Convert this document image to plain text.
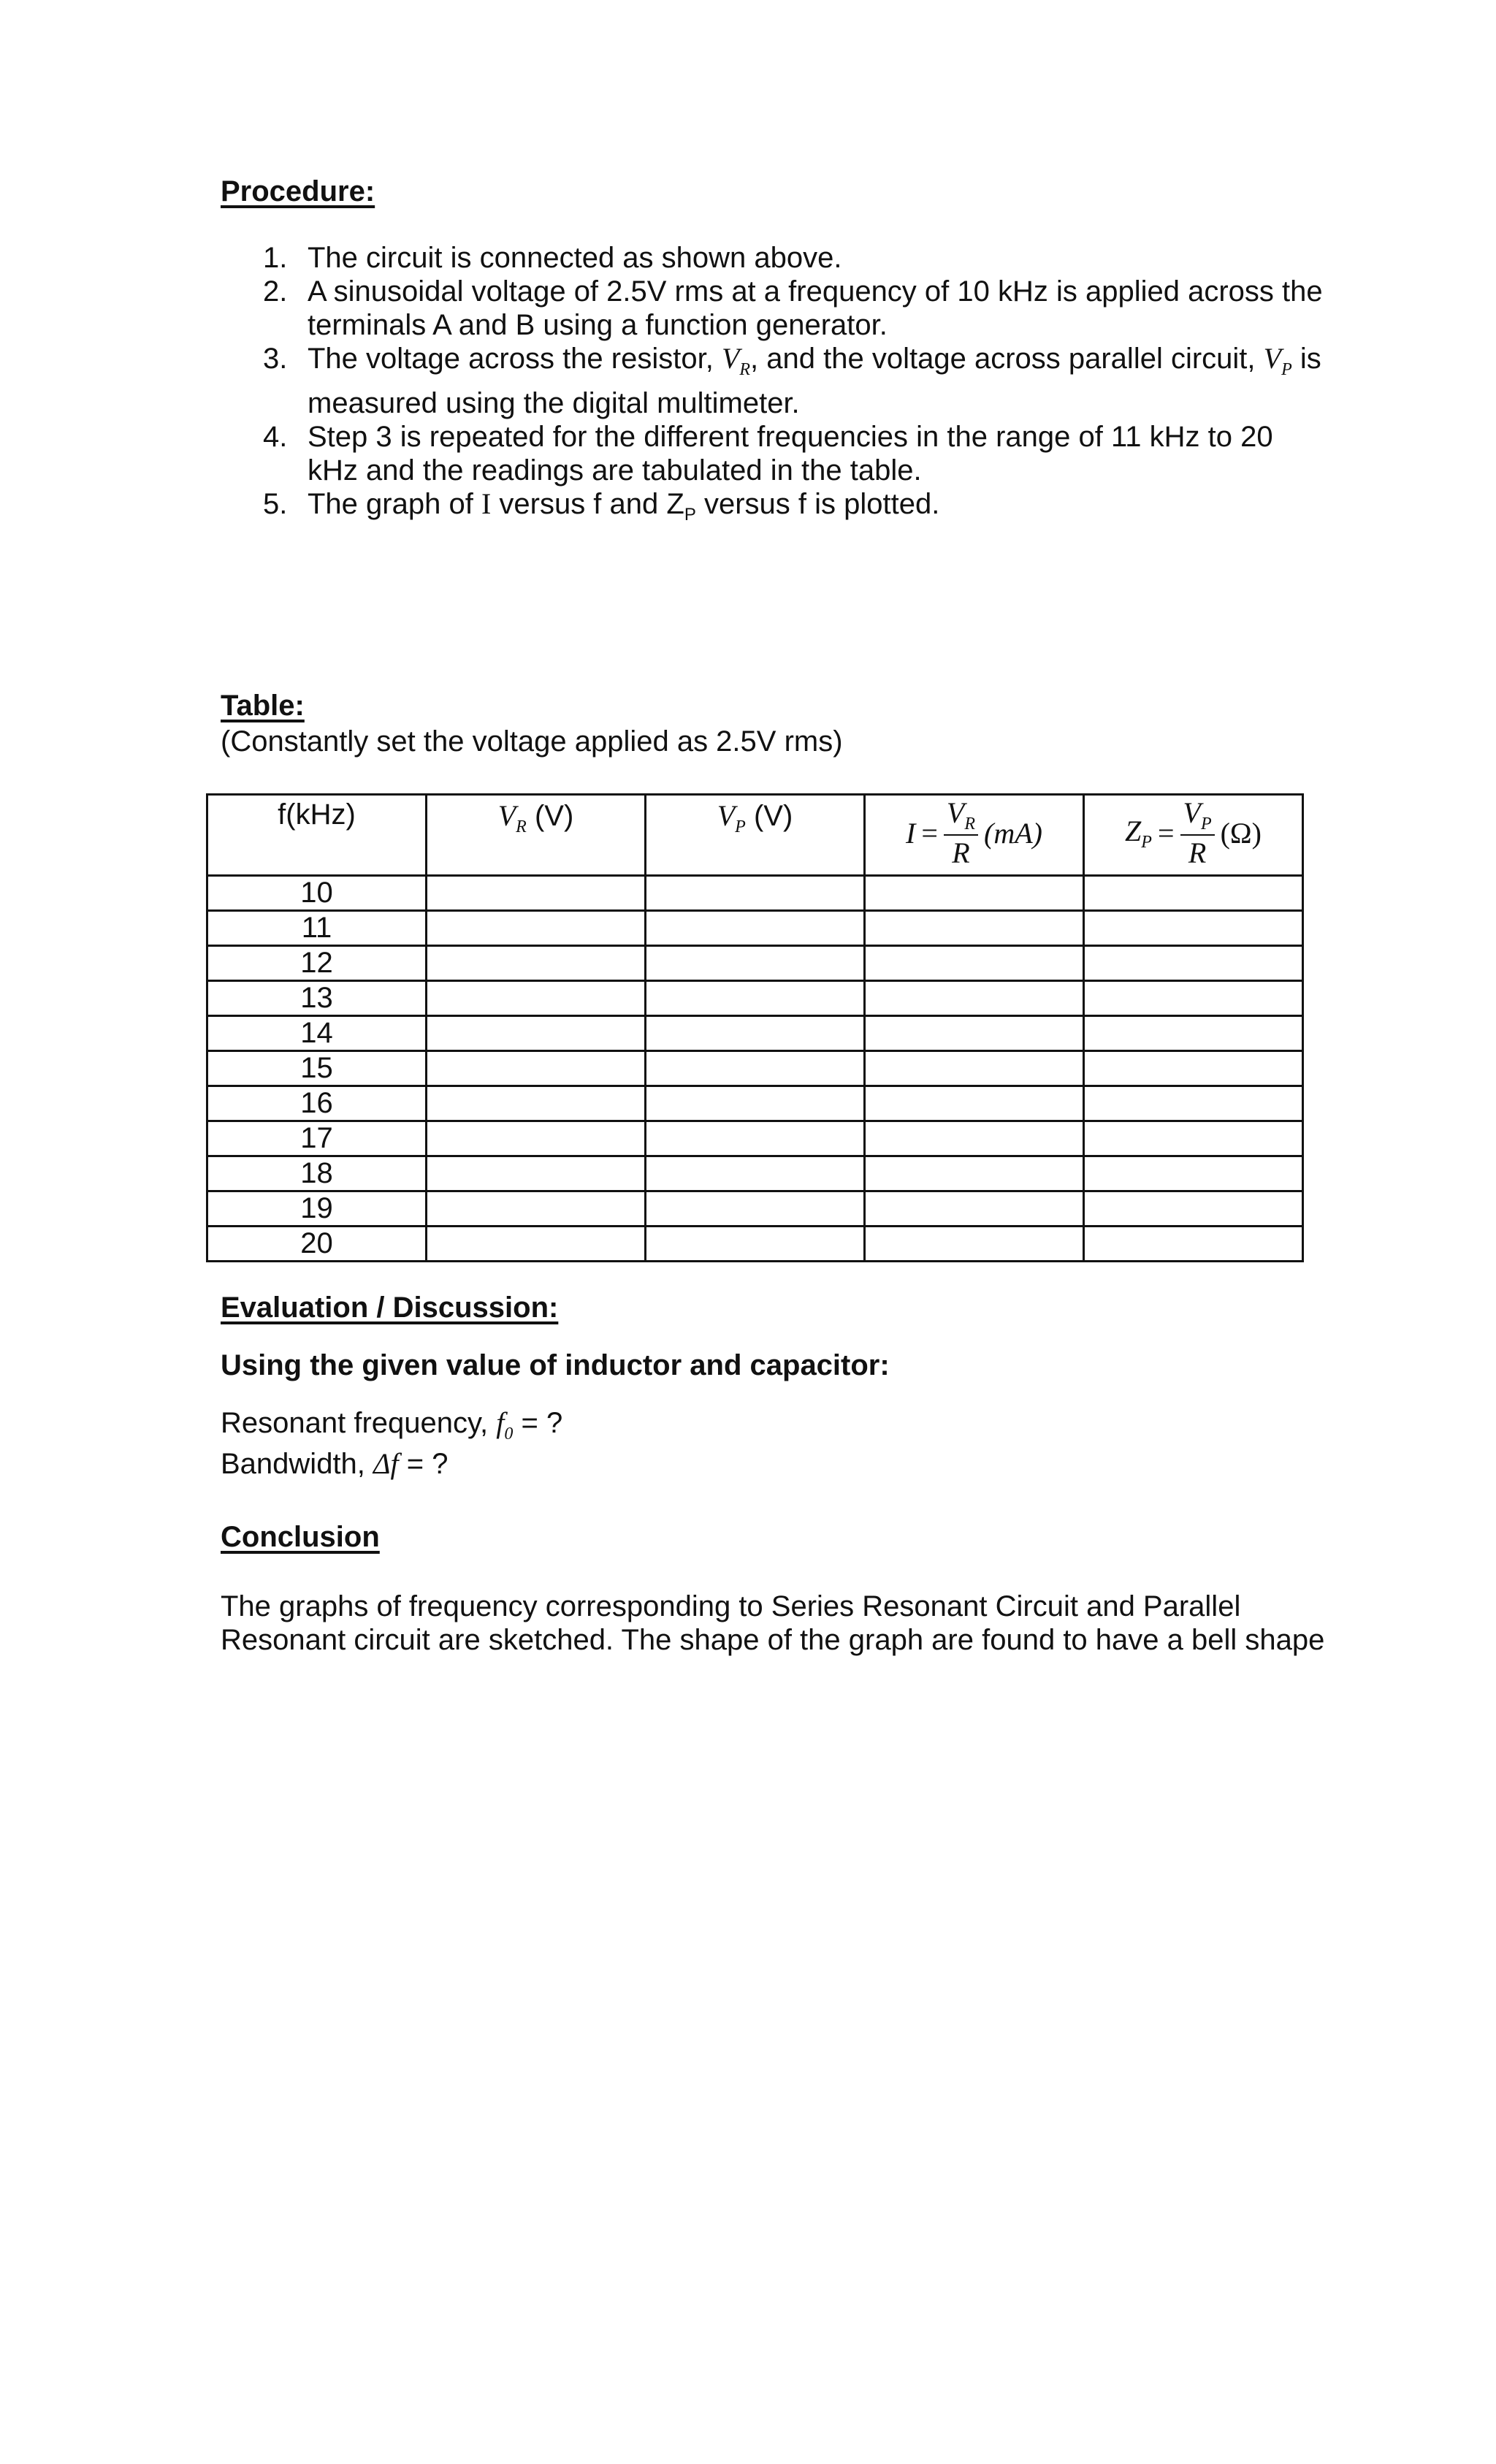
Procedure:
1. The circuit is connected as shown above.
2. A sinusoidal voltage of 2.5V rms at a frequency of 10 kHz is applied across the terminals A and B using a function generator.
3. The voltage across the resistor, $V_R$, and the voltage across parallel circuit, $V_P$ is measured using the digital multimeter.
4. Step 3 is repeated for the different frequencies in the range of 11 kHz to 20 kHz and the readings are tabulated in the table.
5. The graph of I versus f and $Z_P$ versus f is plotted.
Table:
(Constantly set the voltage applied as 2.5V rms)
f(kHz)	$V_R$ (V)	$V_P$ (V)	$I = \frac{V_R}{R} (mA)$	$Z_P = \frac{V_P}{R} (\Omega)$

10				
11				
12				
13				
14				
15				
16				
17				
18				
19				
20				
Evaluation / Discussion:
Using the given value of inductor and capacitor:
Resonant frequency, $f_0$ = ?
Bandwidth, Δf = ?
Conclusion
The graphs of frequency corresponding to Series Resonant Circuit and Parallel Resonant circuit are sketched. The shape of the graph are found to have a bell shape
